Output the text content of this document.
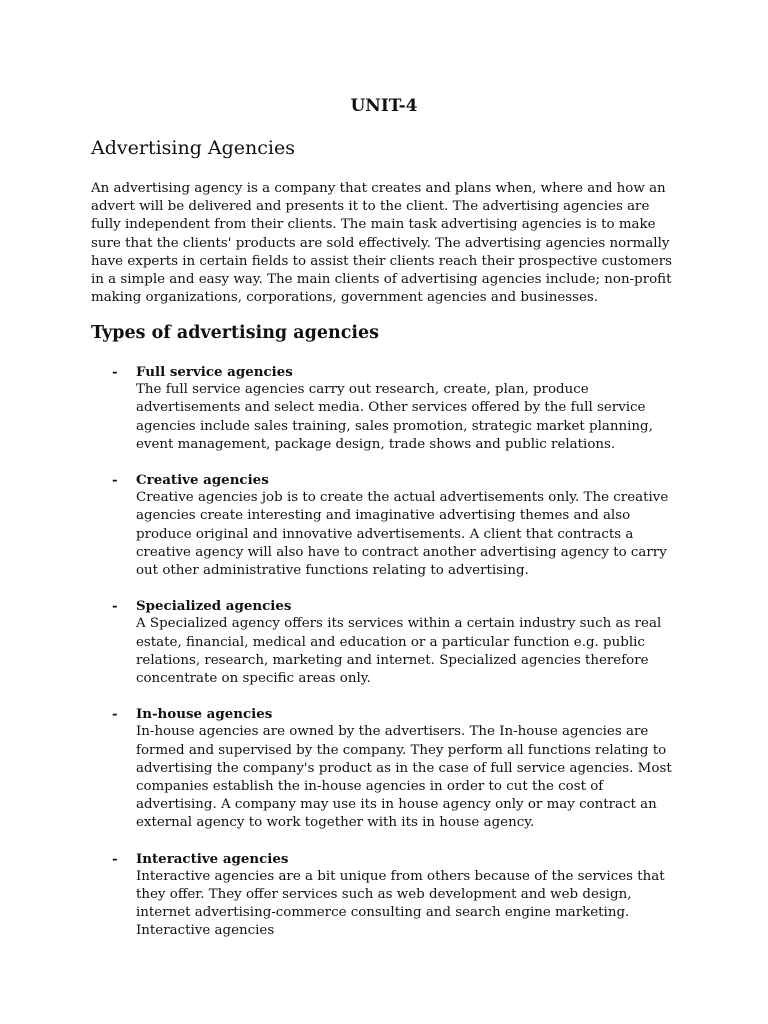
UNIT-4
Advertising Agencies

An advertising agency is a company that creates and plans when, where and how an advert will be delivered and presents it to the client. The advertising agencies are fully independent from their clients. The main task advertising agencies is to make sure that the clients' products are sold effectively. The advertising agencies normally have experts in certain fields to assist their clients reach their prospective customers in a simple and easy way. The main clients of advertising agencies include; non-profit making organizations, corporations, government agencies and businesses.

Types of advertising agencies
- Full service agencies

The full service agencies carry out research, create, plan, produce advertisements and select media. Other services offered by the full service agencies include sales training, sales promotion, strategic market planning, event management, package design, trade shows and public relations.

- Creative agencies

Creative agencies job is to create the actual advertisements only. The creative agencies create interesting and imaginative advertising themes and also produce original and innovative advertisements. A client that contracts a creative agency will also have to contract another advertising agency to carry out other administrative functions relating to advertising.

- Specialized agencies

A Specialized agency offers its services within a certain industry such as real estate, financial, medical and education or a particular function e.g. public relations, research, marketing and internet. Specialized agencies therefore concentrate on specific areas only.

- In-house agencies

In-house agencies are owned by the advertisers. The In-house agencies are formed and supervised by the company. They perform all functions relating to advertising the company's product as in the case of full service agencies. Most companies establish the in-house agencies in order to cut the cost of advertising. A company may use its in house agency only or may contract an external agency to work together with its in house agency.

- Interactive agencies

Interactive agencies are a bit unique from others because of the services that they offer. They offer services such as web development and web design, internet advertising-commerce consulting and search engine marketing. Interactive agencies
